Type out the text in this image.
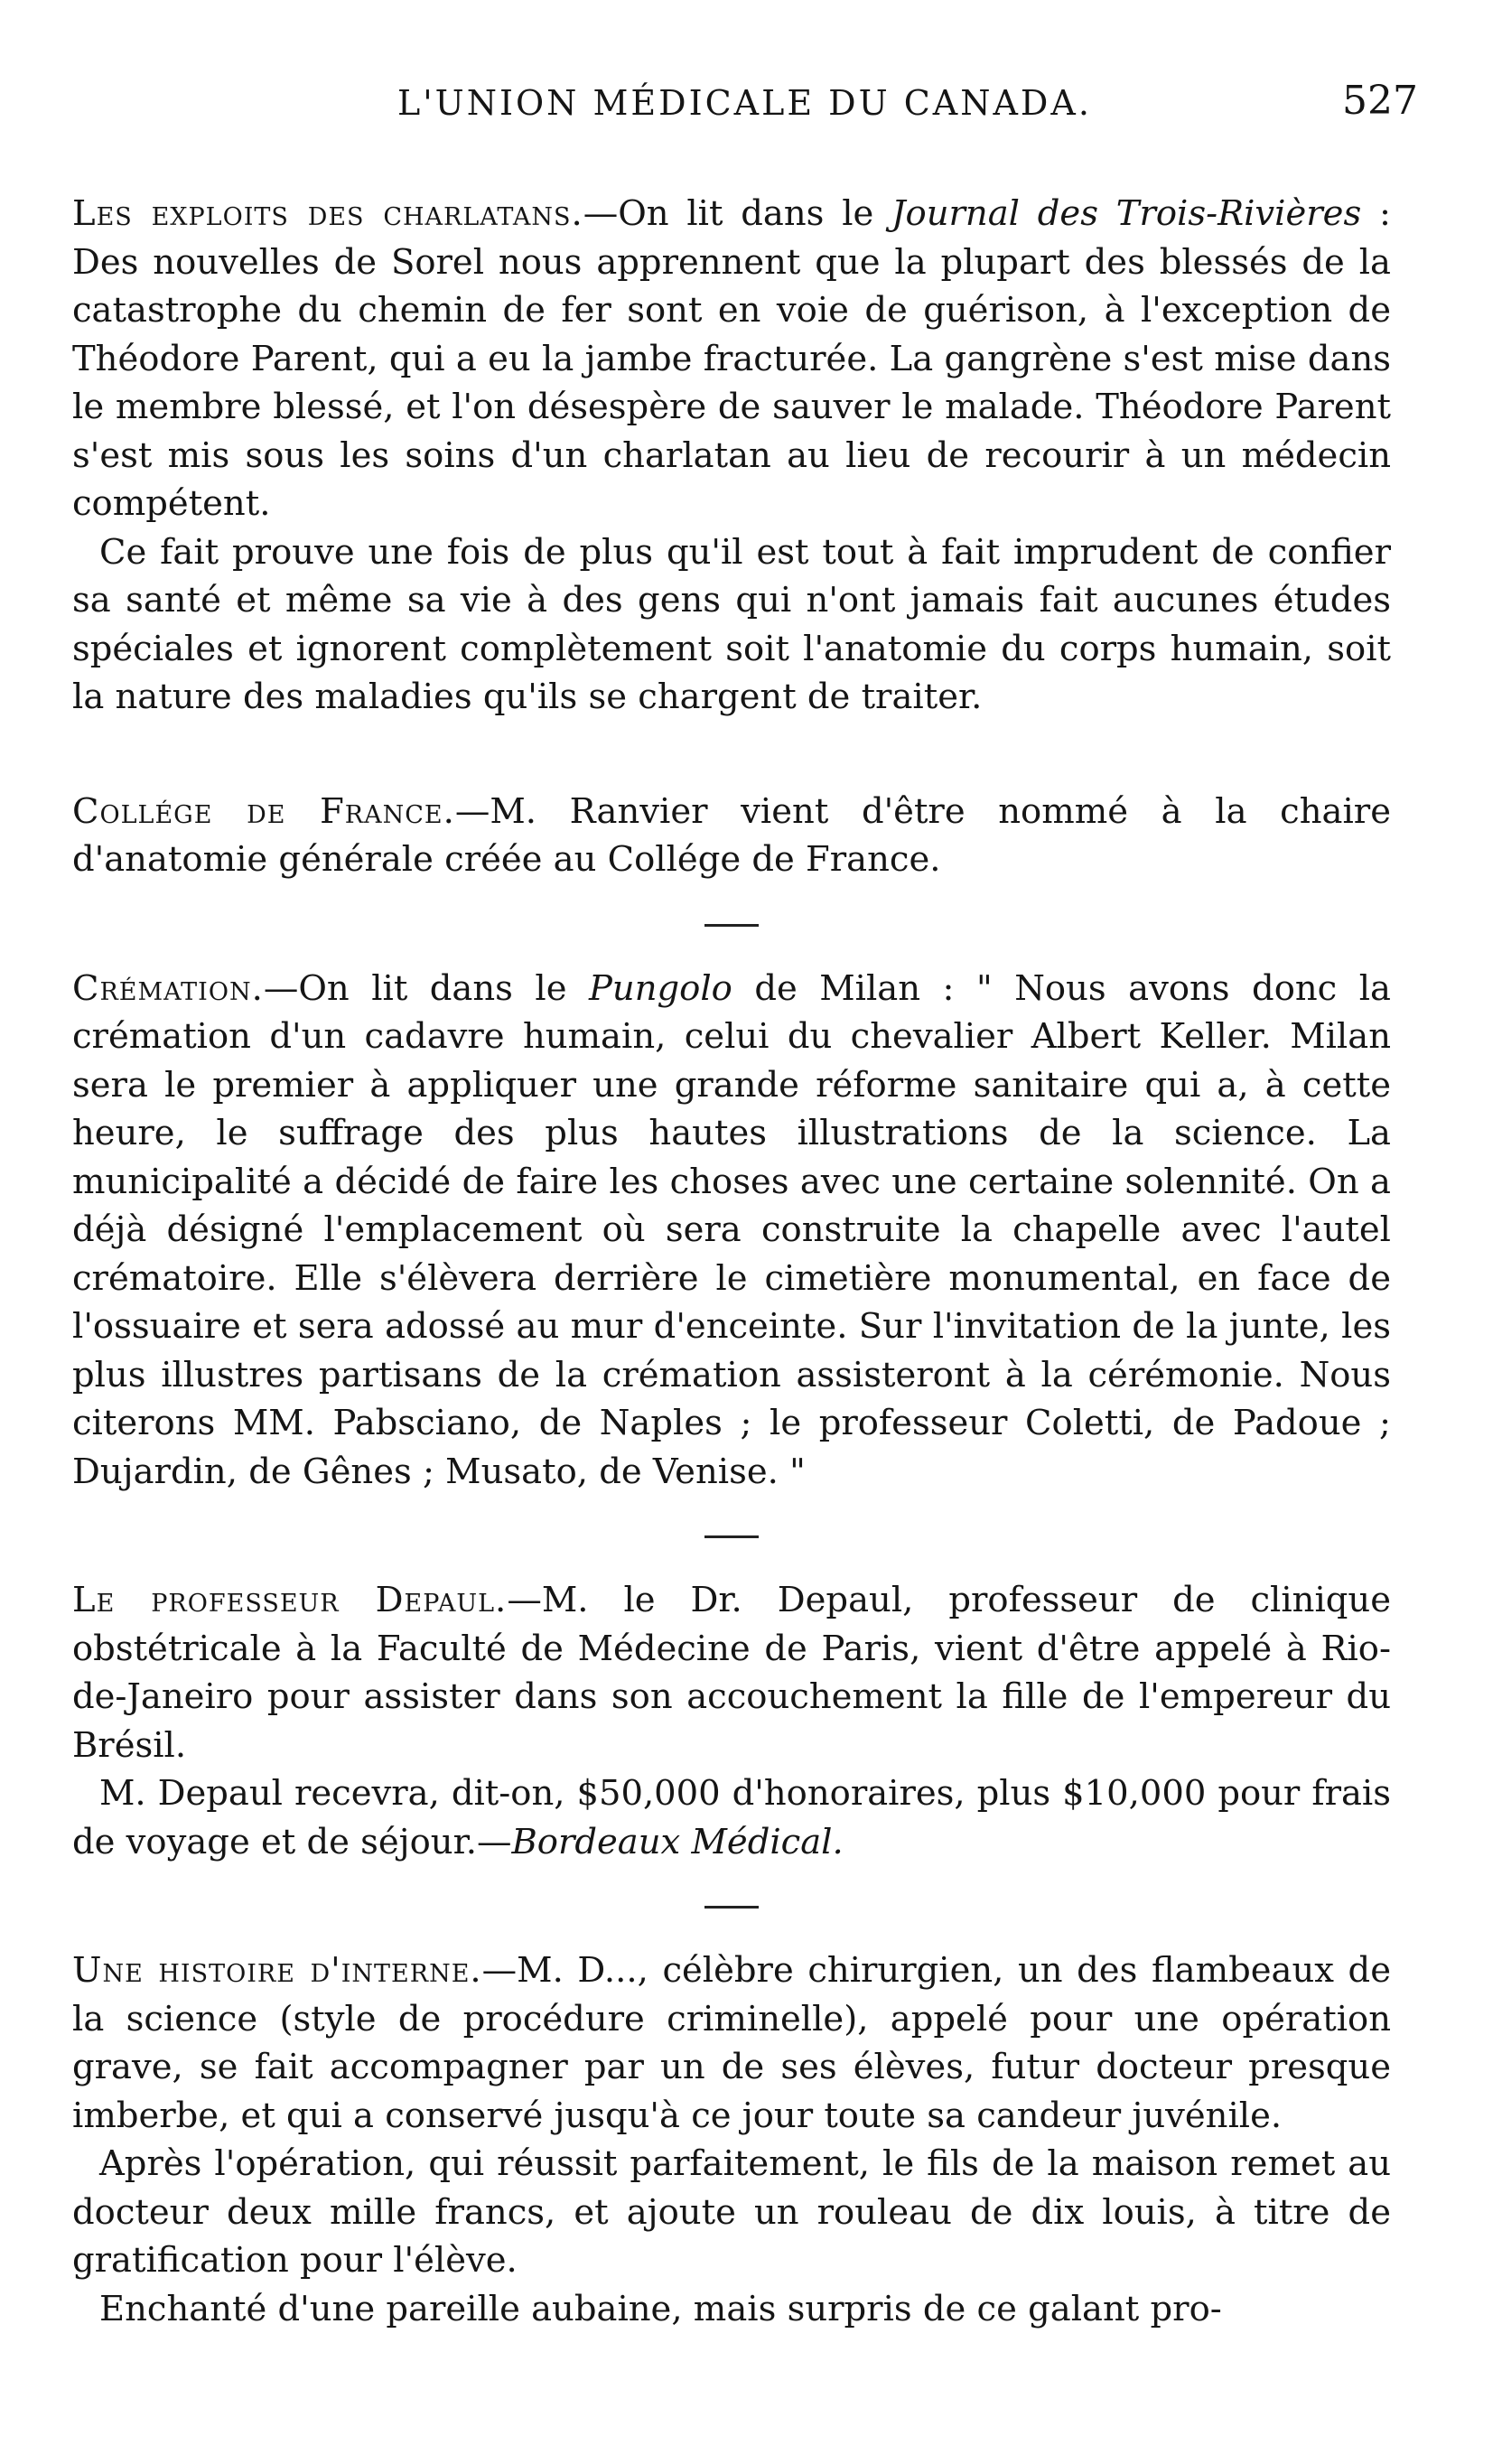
L'UNION MÉDICALE DU CANADA.	527

Les exploits des charlatans.—On lit dans le Journal des Trois-Rivières : Des nouvelles de Sorel nous apprennent que la plupart des blessés de la catastrophe du chemin de fer sont en voie de guérison, à l'exception de Théodore Parent, qui a eu la jambe fracturée. La gangrène s'est mise dans le membre blessé, et l'on désespère de sauver le malade. Théodore Parent s'est mis sous les soins d'un charlatan au lieu de recourir à un médecin compétent.

Ce fait prouve une fois de plus qu'il est tout à fait imprudent de confier sa santé et même sa vie à des gens qui n'ont jamais fait aucunes études spéciales et ignorent complètement soit l'anatomie du corps humain, soit la nature des maladies qu'ils se chargent de traiter.

Collége de France.—M. Ranvier vient d'être nommé à la chaire d'anatomie générale créée au Collége de France.

Crémation.—On lit dans le Pungolo de Milan : " Nous avons donc la crémation d'un cadavre humain, celui du chevalier Albert Keller. Milan sera le premier à appliquer une grande réforme sanitaire qui a, à cette heure, le suffrage des plus hautes illustrations de la science. La municipalité a décidé de faire les choses avec une certaine solennité. On a déjà désigné l'emplacement où sera construite la chapelle avec l'autel crématoire. Elle s'élèvera derrière le cimetière monumental, en face de l'ossuaire et sera adossé au mur d'enceinte. Sur l'invitation de la junte, les plus illustres partisans de la crémation assisteront à la cérémonie. Nous citerons MM. Pabsciano, de Naples ; le professeur Coletti, de Padoue ; Dujardin, de Gênes ; Musato, de Venise. "

Le professeur Depaul.—M. le Dr. Depaul, professeur de clinique obstétricale à la Faculté de Médecine de Paris, vient d'être appelé à Rio-de-Janeiro pour assister dans son accouchement la fille de l'empereur du Brésil.

M. Depaul recevra, dit-on, $50,000 d'honoraires, plus $10,000 pour frais de voyage et de séjour.—Bordeaux Médical.

Une histoire d'interne.—M. D..., célèbre chirurgien, un des flambeaux de la science (style de procédure criminelle), appelé pour une opération grave, se fait accompagner par un de ses élèves, futur docteur presque imberbe, et qui a conservé jusqu'à ce jour toute sa candeur juvénile.

Après l'opération, qui réussit parfaitement, le fils de la maison remet au docteur deux mille francs, et ajoute un rouleau de dix louis, à titre de gratification pour l'élève.

Enchanté d'une pareille aubaine, mais surpris de ce galant pro-
